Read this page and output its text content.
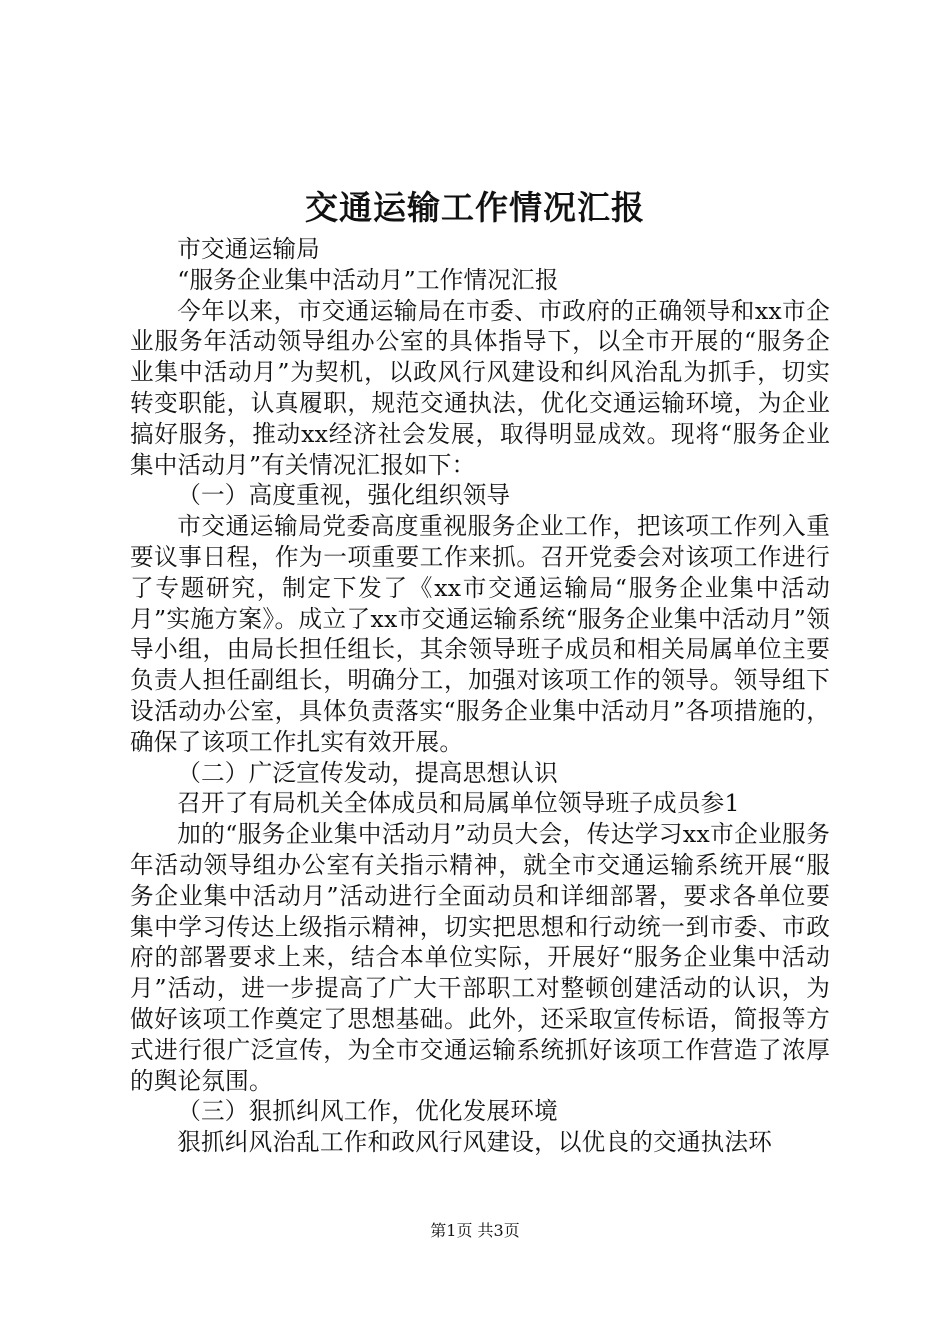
交通运输工作情况汇报

市交通运输局

“服务企业集中活动月”工作情况汇报

今年以来，市交通运输局在市委、市政府的正确领导和xx市企业服务年活动领导组办公室的具体指导下，以全市开展的“服务企业集中活动月”为契机，以政风行风建设和纠风治乱为抓手，切实转变职能，认真履职，规范交通执法，优化交通运输环境，为企业搞好服务，推动xx经济社会发展，取得明显成效。现将“服务企业集中活动月”有关情况汇报如下：

（一）高度重视，强化组织领导

市交通运输局党委高度重视服务企业工作，把该项工作列入重要议事日程，作为一项重要工作来抓。召开党委会对该项工作进行了专题研究，制定下发了《xx市交通运输局“服务企业集中活动月”实施方案》。成立了xx市交通运输系统“服务企业集中活动月”领导小组，由局长担任组长，其余领导班子成员和相关局属单位主要负责人担任副组长，明确分工，加强对该项工作的领导。领导组下设活动办公室，具体负责落实“服务企业集中活动月”各项措施的，确保了该项工作扎实有效开展。

（二）广泛宣传发动，提高思想认识

召开了有局机关全体成员和局属单位领导班子成员参1

加的“服务企业集中活动月”动员大会，传达学习xx市企业服务年活动领导组办公室有关指示精神，就全市交通运输系统开展“服务企业集中活动月”活动进行全面动员和详细部署，要求各单位要集中学习传达上级指示精神，切实把思想和行动统一到市委、市政府的部署要求上来，结合本单位实际，开展好“服务企业集中活动月”活动，进一步提高了广大干部职工对整顿创建活动的认识，为做好该项工作奠定了思想基础。此外，还采取宣传标语，简报等方式进行很广泛宣传，为全市交通运输系统抓好该项工作营造了浓厚的舆论氛围。

（三）狠抓纠风工作，优化发展环境

狠抓纠风治乱工作和政风行风建设，以优良的交通执法环

第1页 共3页
